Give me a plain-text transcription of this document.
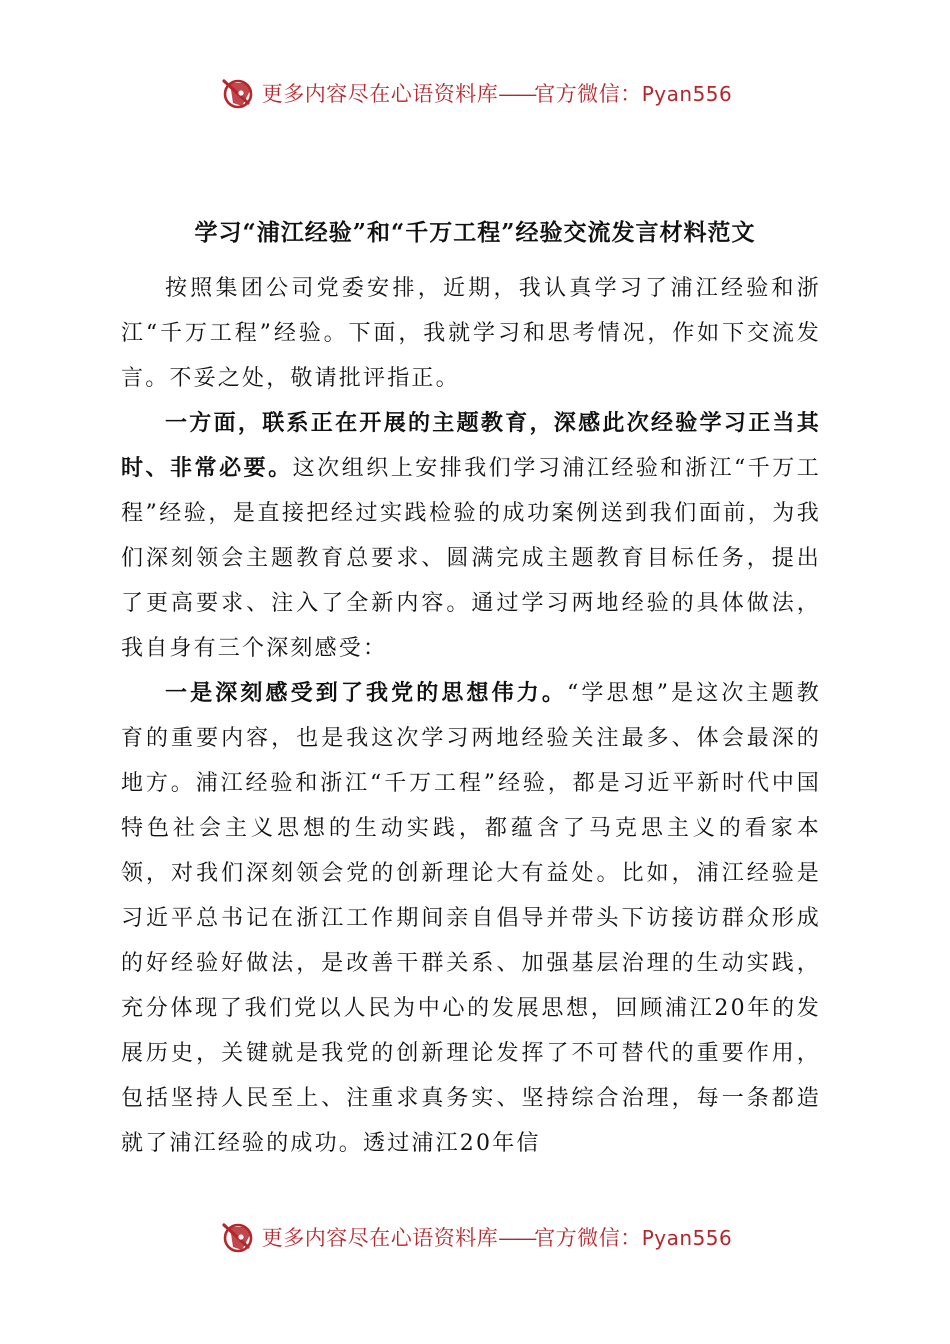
更多内容尽在心语资料库——官方微信：Pyan556
学习“浦江经验”和“千万工程”经验交流发言材料范文

按照集团公司党委安排，近期，我认真学习了浦江经验和浙江“千万工程”经验。下面，我就学习和思考情况，作如下交流发言。不妥之处，敬请批评指正。

一方面，联系正在开展的主题教育，深感此次经验学习正当其时、非常必要。这次组织上安排我们学习浦江经验和浙江“千万工程”经验，是直接把经过实践检验的成功案例送到我们面前，为我们深刻领会主题教育总要求、圆满完成主题教育目标任务，提出了更高要求、注入了全新内容。通过学习两地经验的具体做法，我自身有三个深刻感受：

一是深刻感受到了我党的思想伟力。“学思想”是这次主题教育的重要内容，也是我这次学习两地经验关注最多、体会最深的地方。浦江经验和浙江“千万工程”经验，都是习近平新时代中国特色社会主义思想的生动实践，都蕴含了马克思主义的看家本领，对我们深刻领会党的创新理论大有益处。比如，浦江经验是习近平总书记在浙江工作期间亲自倡导并带头下访接访群众形成的好经验好做法，是改善干群关系、加强基层治理的生动实践，充分体现了我们党以人民为中心的发展思想，回顾浦江20年的发展历史，关键就是我党的创新理论发挥了不可替代的重要作用，包括坚持人民至上、注重求真务实、坚持综合治理，每一条都造就了浦江经验的成功。透过浦江20年信

更多内容尽在心语资料库——官方微信：Pyan556
